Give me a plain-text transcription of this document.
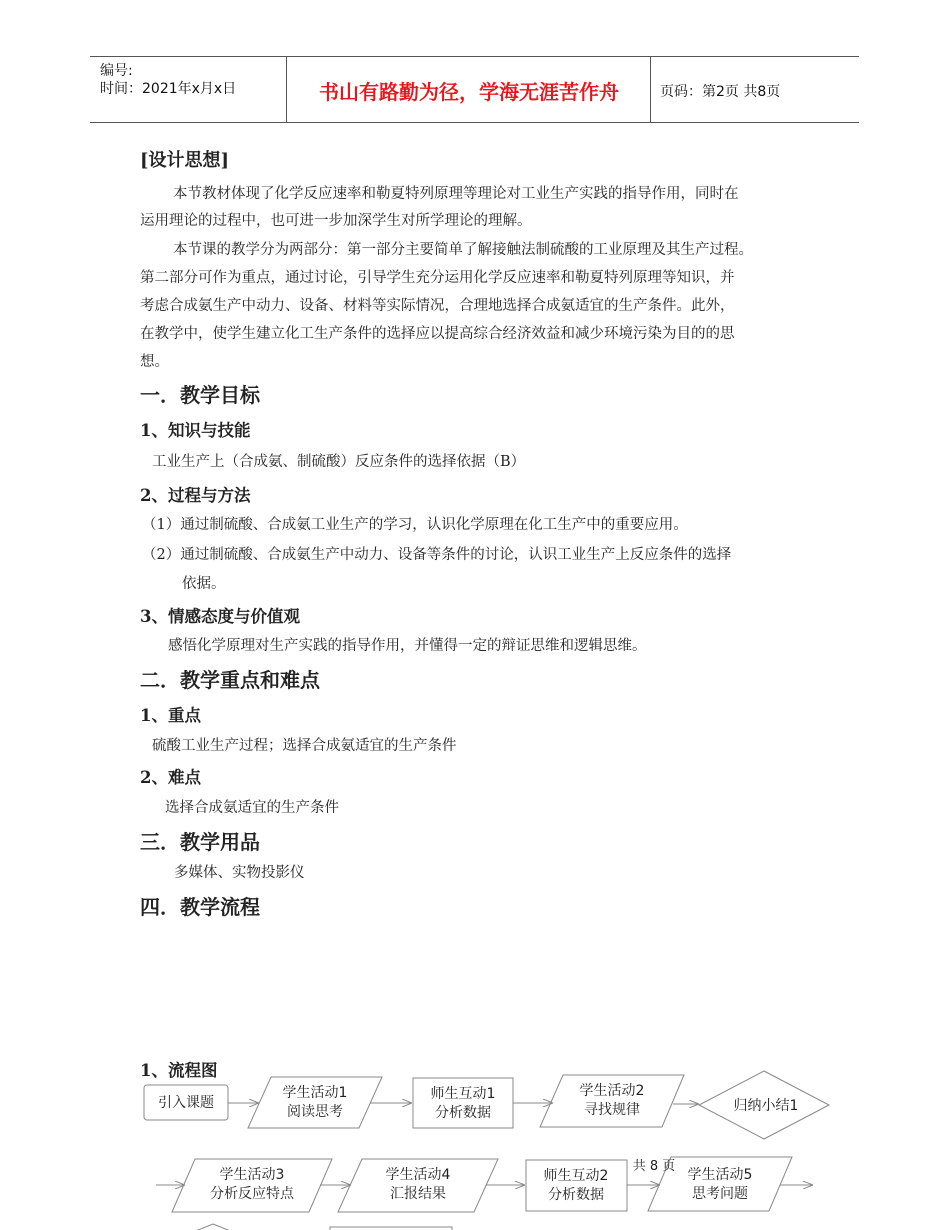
编号:
时间：2021年x月x日	书山有路勤为径，学海无涯苦作舟	页码：第2页 共8页
[设计思想]
本节教材体现了化学反应速率和勒夏特列原理等理论对工业生产实践的指导作用，同时在
运用理论的过程中，也可进一步加深学生对所学理论的理解。
本节课的教学分为两部分：第一部分主要简单了解接触法制硫酸的工业原理及其生产过程。
第二部分可作为重点，通过讨论，引导学生充分运用化学反应速率和勒夏特列原理等知识，并
考虑合成氨生产中动力、设备、材料等实际情况，合理地选择合成氨适宜的生产条件。此外，
在教学中，使学生建立化工生产条件的选择应以提高综合经济效益和减少环境污染为目的的思
想。
一．教学目标
1、知识与技能
工业生产上（合成氨、制硫酸）反应条件的选择依据（B）
2、过程与方法
（1）通过制硫酸、合成氨工业生产的学习，认识化学原理在化工生产中的重要应用。
（2）通过制硫酸、合成氨生产中动力、设备等条件的讨论，认识工业生产上反应条件的选择
依据。
3、情感态度与价值观
感悟化学原理对生产实践的指导作用，并懂得一定的辩证思维和逻辑思维。
二．教学重点和难点
1、重点
硫酸工业生产过程；选择合成氨适宜的生产条件
2、难点
选择合成氨适宜的生产条件
三．教学用品
多媒体、实物投影仪
四．教学流程
1、流程图
引入课题
学生活动1
阅读思考
师生互动1
分析数据
学生活动2
寻找规律	归纳小结1
学生活动3
分析反应特点
学生活动4
汇报结果
师生互动2
分析数据
学生活动5
思考问题
共 8 页
